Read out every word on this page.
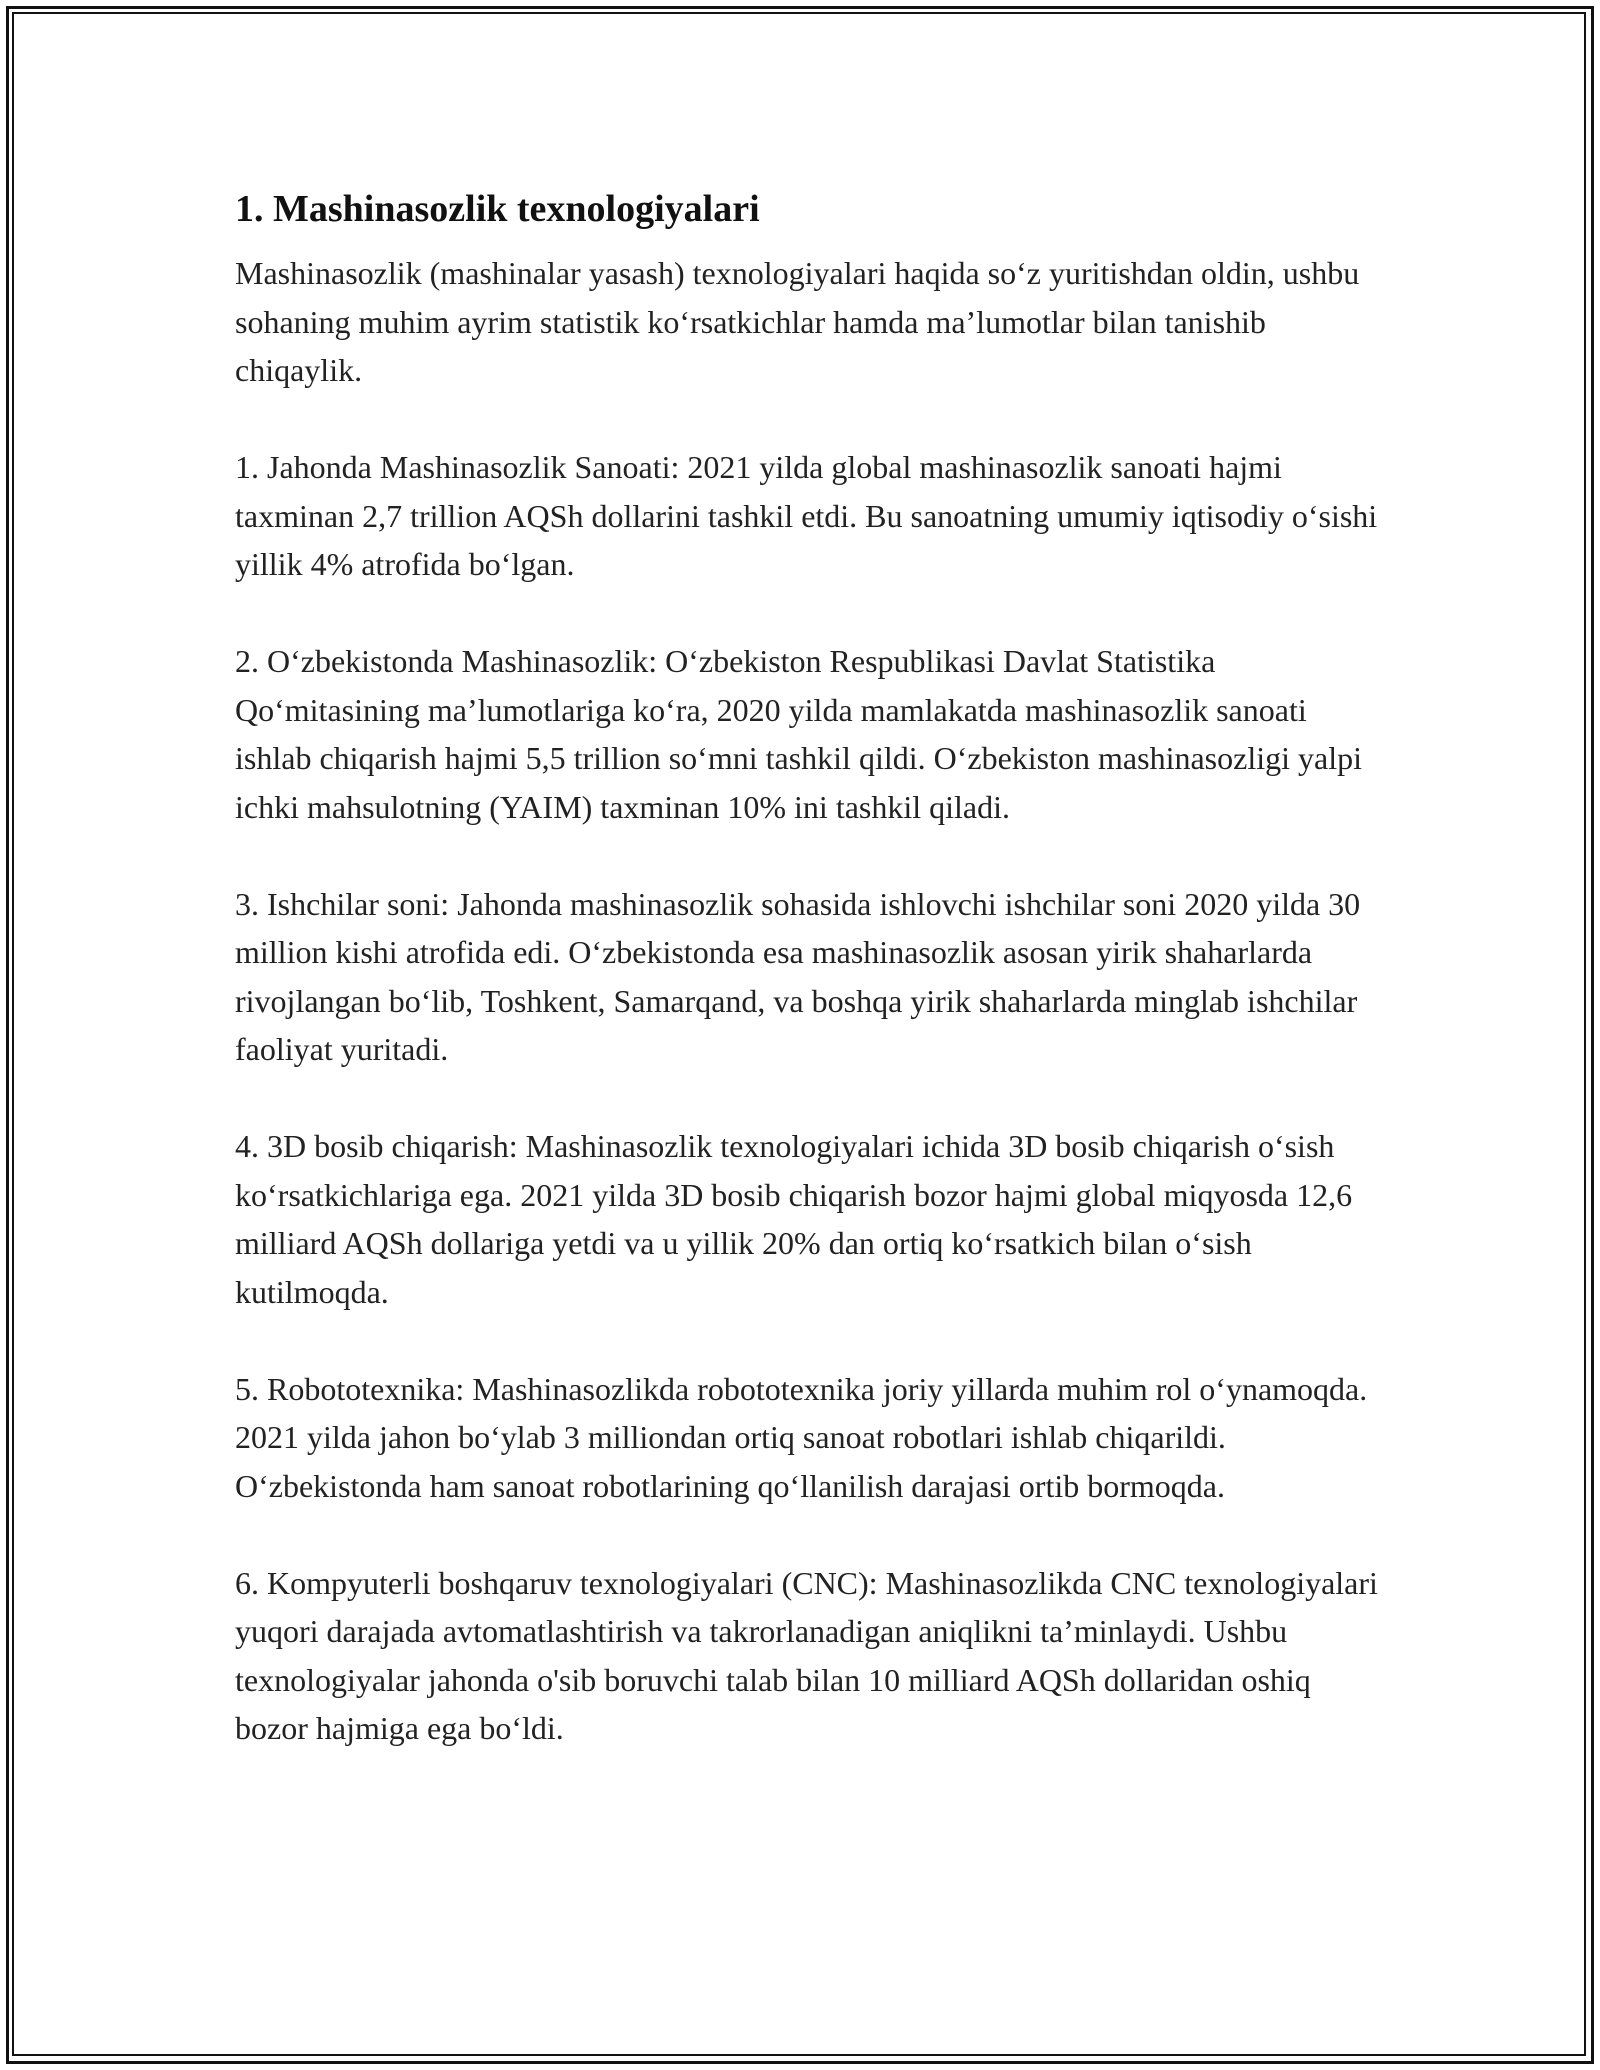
1. Mashinasozlik texnologiyalari

Mashinasozlik (mashinalar yasash) texnologiyalari haqida so‘z yuritishdan oldin, ushbu sohaning muhim ayrim statistik ko‘rsatkichlar hamda ma’lumotlar bilan tanishib chiqaylik.

1. Jahonda Mashinasozlik Sanoati: 2021 yilda global mashinasozlik sanoati hajmi taxminan 2,7 trillion AQSh dollarini tashkil etdi. Bu sanoatning umumiy iqtisodiy o‘sishi yillik 4% atrofida bo‘lgan.

2. O‘zbekistonda Mashinasozlik: O‘zbekiston Respublikasi Davlat Statistika Qo‘mitasining ma’lumotlariga ko‘ra, 2020 yilda mamlakatda mashinasozlik sanoati ishlab chiqarish hajmi 5,5 trillion so‘mni tashkil qildi. O‘zbekiston mashinasozligi yalpi ichki mahsulotning (YAIM) taxminan 10% ini tashkil qiladi.

3. Ishchilar soni: Jahonda mashinasozlik sohasida ishlovchi ishchilar soni 2020 yilda 30 million kishi atrofida edi. O‘zbekistonda esa mashinasozlik asosan yirik shaharlarda rivojlangan bo‘lib, Toshkent, Samarqand, va boshqa yirik shaharlarda minglab ishchilar faoliyat yuritadi.

4. 3D bosib chiqarish: Mashinasozlik texnologiyalari ichida 3D bosib chiqarish o‘sish ko‘rsatkichlariga ega. 2021 yilda 3D bosib chiqarish bozor hajmi global miqyosda 12,6 milliard AQSh dollariga yetdi va u yillik 20% dan ortiq ko‘rsatkich bilan o‘sish kutilmoqda.

5. Robototexnika: Mashinasozlikda robototexnika joriy yillarda muhim rol o‘ynamoqda. 2021 yilda jahon bo‘ylab 3 milliondan ortiq sanoat robotlari ishlab chiqarildi. O‘zbekistonda ham sanoat robotlarining qo‘llanilish darajasi ortib bormoqda.

6. Kompyuterli boshqaruv texnologiyalari (CNC): Mashinasozlikda CNC texnologiyalari yuqori darajada avtomatlashtirish va takrorlanadigan aniqlikni ta’minlaydi. Ushbu texnologiyalar jahonda o'sib boruvchi talab bilan 10 milliard AQSh dollaridan oshiq bozor hajmiga ega bo‘ldi.
